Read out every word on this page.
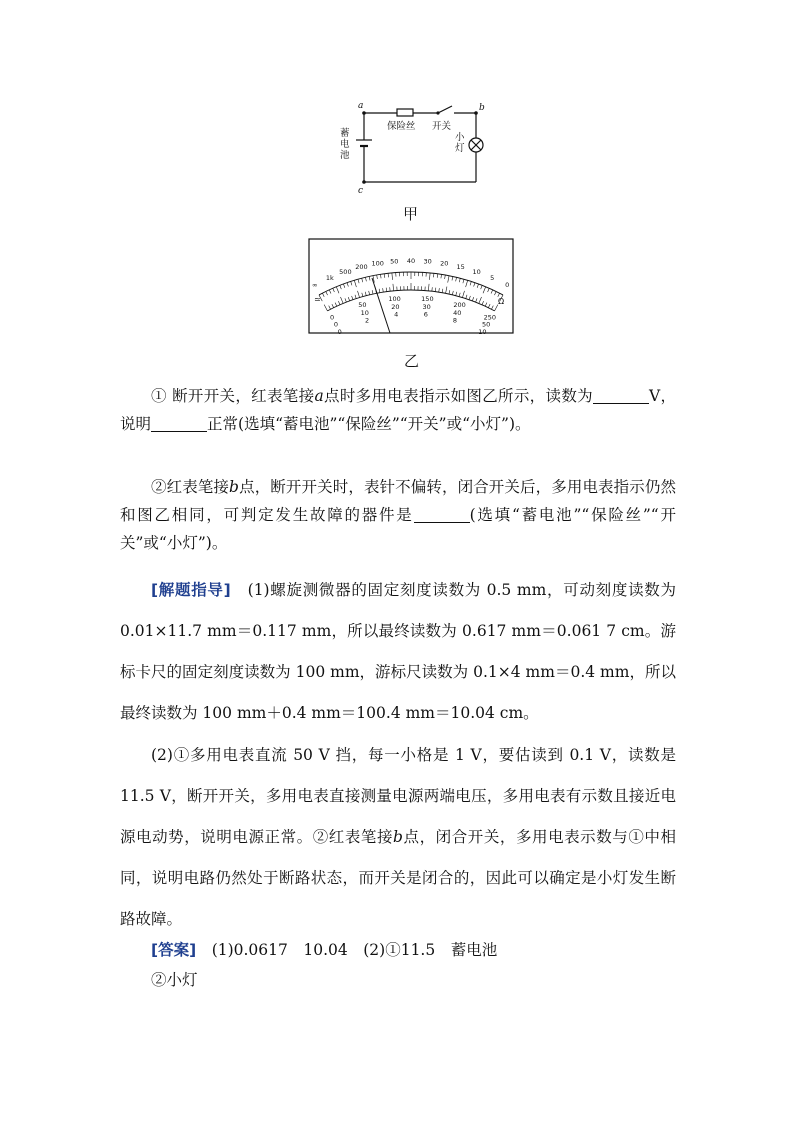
a	b
c
保险丝 开关
蓄
电
池
小
灯
甲
∞
1k
500
200 100 50 40 30 20 15
10
5
0
0
50
100	150
200
250
0
10
20	30
40
50
0
2
4	6
8
10
Ω
≃
乙

① 断开开关，红表笔接a点时多用电表指示如图乙所示，读数为	V，说明	正常(选填“蓄电池”“保险丝”“开关”或“小灯”)。

②红表笔接b点，断开开关时，表针不偏转，闭合开关后，多用电表指示仍然和图乙相同，可判定发生故障的器件是	(选填“蓄电池”“保险丝”“开关”或“小灯”)。

[解题指导]　 (1)螺旋测微器的固定刻度读数为 0.5 mm，可动刻度读数为 0.01×11.7 mm＝0.117 mm，所以最终读数为 0.617 mm＝0.061 7 cm。游标卡尺的固定刻度读数为 100 mm，游标尺读数为 0.1×4 mm＝0.4 mm，所以最终读数为 100 mm＋0.4 mm＝100.4 mm＝10.04 cm。

(2)①多用电表直流 50 V 挡，每一小格是 1 V，要估读到 0.1 V，读数是 11.5 V，断开开关，多用电表直接测量电源两端电压，多用电表有示数且接近电源电动势，说明电源正常。②红表笔接b点，闭合开关，多用电表示数与①中相同，说明电路仍然处于断路状态，而开关是闭合的，因此可以确定是小灯发生断路故障。

[答案]　 (1)0.0617　10.04　(2)①11.5　蓄电池

②小灯
